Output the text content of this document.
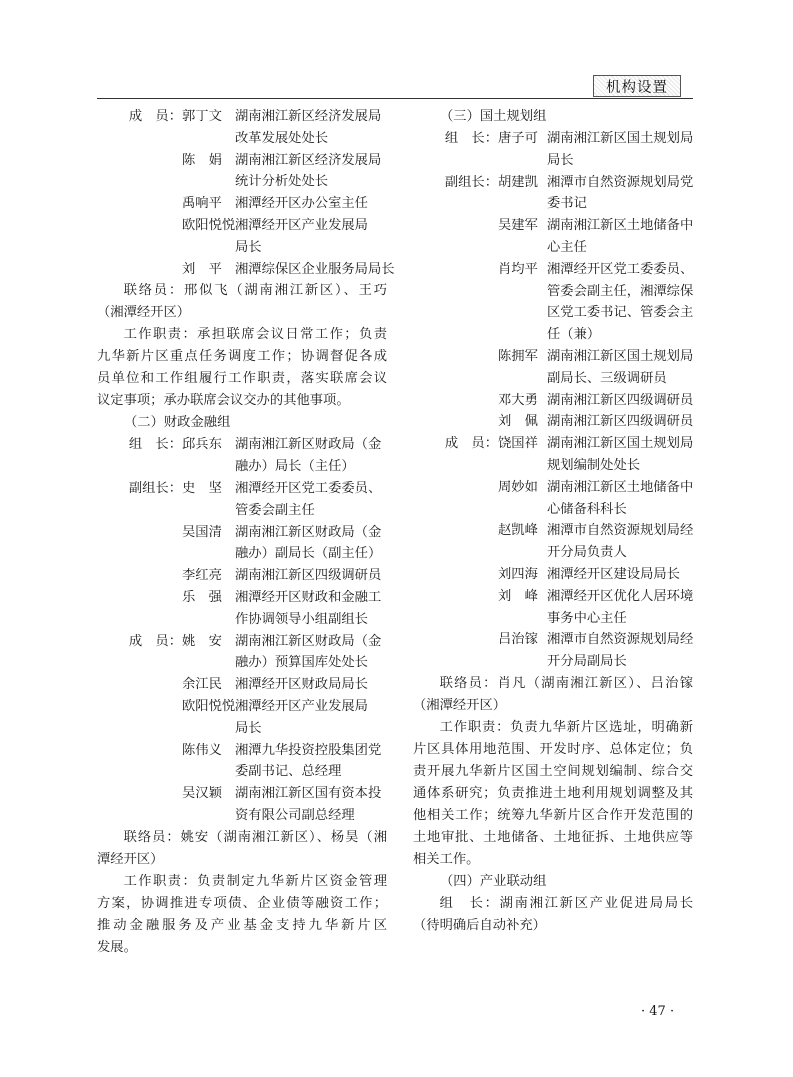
机构设置
成　员： 郭丁文 湖南湘江新区经济发展局
改革发展处处长
陈　娟 湖南湘江新区经济发展局
统计分析处处长
禹响平 湘潭经开区办公室主任
欧阳悦悦 湘潭经开区产业发展局
局长
刘　平 湘潭综保区企业服务局局长
联络员：邢似飞（湖南湘江新区）、王巧
（湘潭经开区）
工作职责：承担联席会议日常工作；负责
九华新片区重点任务调度工作；协调督促各成
员单位和工作组履行工作职责，落实联席会议
议定事项；承办联席会议交办的其他事项。
（二）财政金融组
组　长： 邱兵东 湖南湘江新区财政局（金
融办）局长（主任）
副组长： 史　坚 湘潭经开区党工委委员、
管委会副主任
吴国清 湖南湘江新区财政局（金
融办）副局长（副主任）
李红亮 湖南湘江新区四级调研员
乐　强 湘潭经开区财政和金融工
作协调领导小组副组长
成　员： 姚　安 湖南湘江新区财政局（金
融办）预算国库处处长
余江民 湘潭经开区财政局局长
欧阳悦悦 湘潭经开区产业发展局
局长
陈伟义 湘潭九华投资控股集团党
委副书记、总经理
吴汉颖 湖南湘江新区国有资本投
资有限公司副总经理
联络员：姚安（湖南湘江新区）、杨昊（湘
潭经开区）
工作职责：负责制定九华新片区资金管理
方案，协调推进专项债、企业债等融资工作；
推动金融服务及产业基金支持九华新片区
发展。
（三）国土规划组
组　长： 唐子可 湖南湘江新区国土规划局
局长
副组长： 胡建凯 湘潭市自然资源规划局党
委书记
吴建军 湖南湘江新区土地储备中
心主任
肖均平 湘潭经开区党工委委员、
管委会副主任，湘潭综保
区党工委书记、管委会主
任（兼）
陈拥军 湖南湘江新区国土规划局
副局长、三级调研员
邓大勇 湖南湘江新区四级调研员
刘　佩 湖南湘江新区四级调研员
成　员： 饶国祥 湖南湘江新区国土规划局
规划编制处处长
周妙如 湖南湘江新区土地储备中
心储备科科长
赵凯峰 湘潭市自然资源规划局经
开分局负责人
刘四海 湘潭经开区建设局局长
刘　峰 湘潭经开区优化人居环境
事务中心主任
吕治镓 湘潭市自然资源规划局经
开分局副局长
联络员：肖凡（湖南湘江新区）、吕治镓
（湘潭经开区）
工作职责：负责九华新片区选址，明确新
片区具体用地范围、开发时序、总体定位；负
责开展九华新片区国土空间规划编制、综合交
通体系研究；负责推进土地利用规划调整及其
他相关工作；统筹九华新片区合作开发范围的
土地审批、土地储备、土地征拆、土地供应等
相关工作。
（四）产业联动组
组　长：湖南湘江新区产业促进局局长
（待明确后自动补充）
· 47 ·
